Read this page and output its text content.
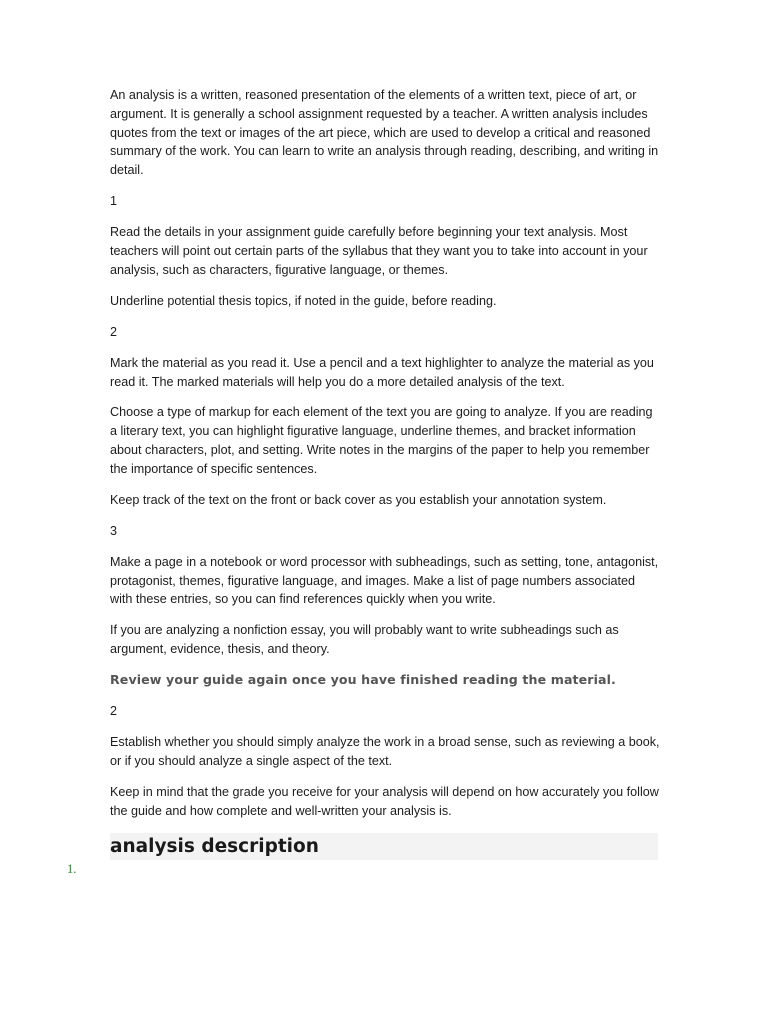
An analysis is a written, reasoned presentation of the elements of a written text, piece of art, or argument. It is generally a school assignment requested by a teacher. A written analysis includes quotes from the text or images of the art piece, which are used to develop a critical and reasoned summary of the work. You can learn to write an analysis through reading, describing, and writing in detail.

1

Read the details in your assignment guide carefully before beginning your text analysis. Most teachers will point out certain parts of the syllabus that they want you to take into account in your analysis, such as characters, figurative language, or themes.

Underline potential thesis topics, if noted in the guide, before reading.

2

Mark the material as you read it. Use a pencil and a text highlighter to analyze the material as you read it. The marked materials will help you do a more detailed analysis of the text.

Choose a type of markup for each element of the text you are going to analyze. If you are reading a literary text, you can highlight figurative language, underline themes, and bracket information about characters, plot, and setting. Write notes in the margins of the paper to help you remember the importance of specific sentences.

Keep track of the text on the front or back cover as you establish your annotation system.

3

Make a page in a notebook or word processor with subheadings, such as setting, tone, antagonist, protagonist, themes, figurative language, and images. Make a list of page numbers associated with these entries, so you can find references quickly when you write.

If you are analyzing a nonfiction essay, you will probably want to write subheadings such as argument, evidence, thesis, and theory.

Review your guide again once you have finished reading the material.

2

Establish whether you should simply analyze the work in a broad sense, such as reviewing a book, or if you should analyze a single aspect of the text.

Keep in mind that the grade you receive for your analysis will depend on how accurately you follow the guide and how complete and well-written your analysis is.

analysis description

1.
